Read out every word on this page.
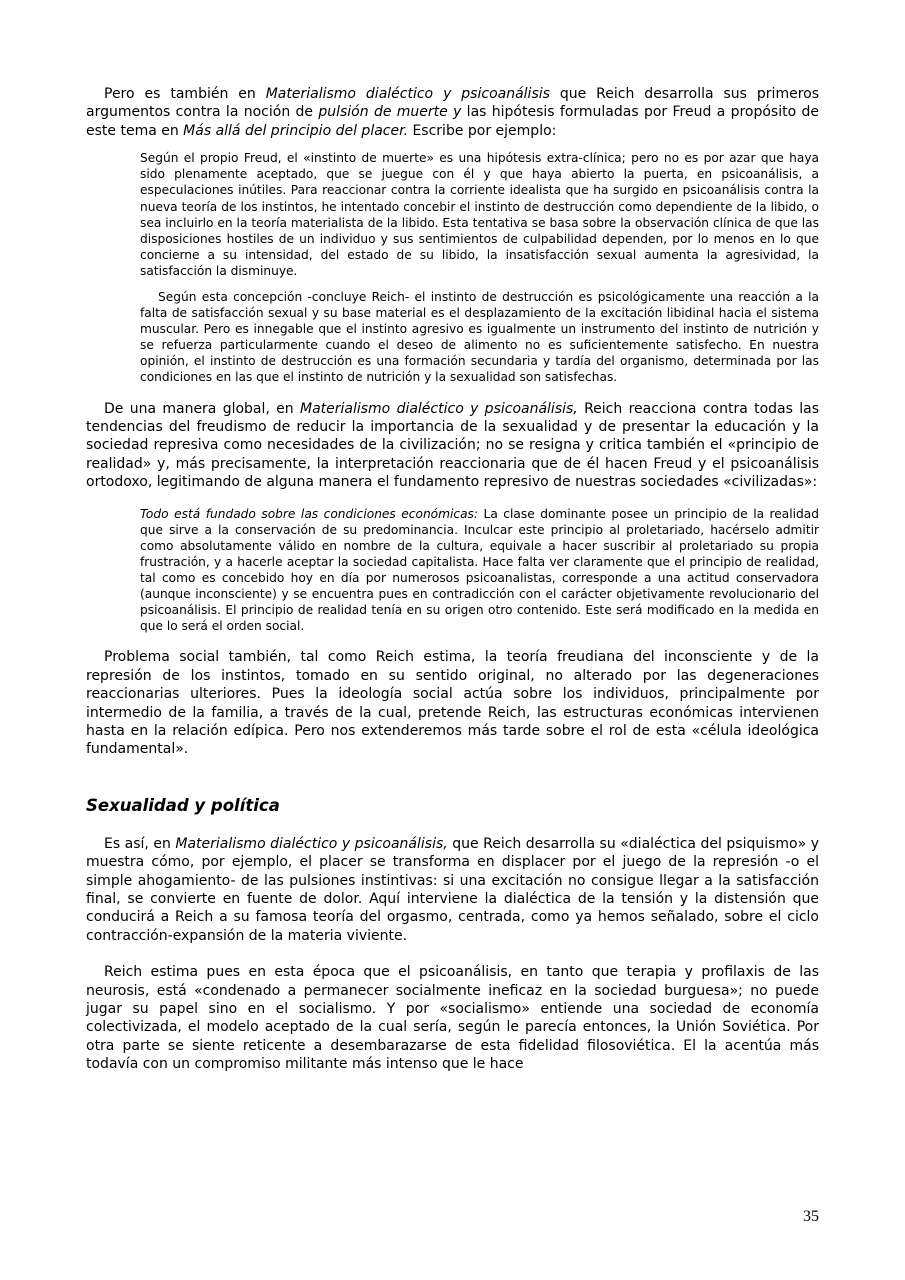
Pero es también en Materialismo dialéctico y psicoanálisis que Reich desarrolla sus primeros argumentos contra la noción de pulsión de muerte y las hipótesis formuladas por Freud a propósito de este tema en Más allá del principio del placer. Escribe por ejemplo:

Según el propio Freud, el «instinto de muerte» es una hipótesis extra-clínica; pero no es por azar que haya sido plenamente aceptado, que se juegue con él y que haya abierto la puerta, en psicoanálisis, a especulaciones inútiles. Para reaccionar contra la corriente idealista que ha surgido en psicoanálisis contra la nueva teoría de los instintos, he intentado concebir el instinto de destrucción como dependiente de la libido, o sea incluirlo en la teoría materialista de la libido. Esta tentativa se basa sobre la observación clínica de que las disposiciones hostiles de un individuo y sus sentimientos de culpabilidad dependen, por lo menos en lo que concierne a su intensidad, del estado de su libido, la insatisfacción sexual aumenta la agresividad, la satisfacción la disminuye.

Según esta concepción -concluye Reich- el instinto de destrucción es psicológicamente una reacción a la falta de satisfacción sexual y su base material es el desplazamiento de la excitación libidinal hacia el sistema muscular. Pero es innegable que el instinto agresivo es igualmente un instrumento del instinto de nutrición y se refuerza particularmente cuando el deseo de alimento no es suficientemente satisfecho. En nuestra opinión, el instinto de destrucción es una formación secundaria y tardía del organismo, determinada por las condiciones en las que el instinto de nutrición y la sexualidad son satisfechas.

De una manera global, en Materialismo dialéctico y psicoanálisis, Reich reacciona contra todas las tendencias del freudismo de reducir la importancia de la sexualidad y de presentar la educación y la sociedad represiva como necesidades de la civilización; no se resigna y critica también el «principio de realidad» y, más precisamente, la interpretación reaccionaria que de él hacen Freud y el psicoanálisis ortodoxo, legitimando de alguna manera el fundamento represivo de nuestras sociedades «civilizadas»:

Todo está fundado sobre las condiciones económicas: La clase dominante posee un principio de la realidad que sirve a la conservación de su predominancia. Inculcar este principio al proletariado, hacérselo admitir como absolutamente válido en nombre de la cultura, equivale a hacer suscribir al proletariado su propia frustración, y a hacerle aceptar la sociedad capitalista. Hace falta ver claramente que el principio de realidad, tal como es concebido hoy en día por numerosos psicoanalistas, corresponde a una actitud conservadora (aunque inconsciente) y se encuentra pues en contradicción con el carácter objetivamente revolucionario del psicoanálisis. El principio de realidad tenía en su origen otro contenido. Este será modificado en la medida en que lo será el orden social.

Problema social también, tal como Reich estima, la teoría freudiana del inconsciente y de la represión de los instintos, tomado en su sentido original, no alterado por las degeneraciones reaccionarias ulteriores. Pues la ideología social actúa sobre los individuos, principalmente por intermedio de la familia, a través de la cual, pretende Reich, las estructuras económicas intervienen hasta en la relación edípica. Pero nos extenderemos más tarde sobre el rol de esta «célula ideológica fundamental».

Sexualidad y política

Es así, en Materialismo dialéctico y psicoanálisis, que Reich desarrolla su «dialéctica del psiquismo» y muestra cómo, por ejemplo, el placer se transforma en displacer por el juego de la represión -o el simple ahogamiento- de las pulsiones instintivas: si una excitación no consigue llegar a la satisfacción final, se convierte en fuente de dolor. Aquí interviene la dialéctica de la tensión y la distensión que conducirá a Reich a su famosa teoría del orgasmo, centrada, como ya hemos señalado, sobre el ciclo contracción-expansión de la materia viviente.

Reich estima pues en esta época que el psicoanálisis, en tanto que terapia y profilaxis de las neurosis, está «condenado a permanecer socialmente ineficaz en la sociedad burguesa»; no puede jugar su papel sino en el socialismo. Y por «socialismo» entiende una sociedad de economía colectivizada, el modelo aceptado de la cual sería, según le parecía entonces, la Unión Soviética. Por otra parte se siente reticente a desembarazarse de esta fidelidad filosoviética. El la acentúa más todavía con un compromiso militante más intenso que le hace

35
